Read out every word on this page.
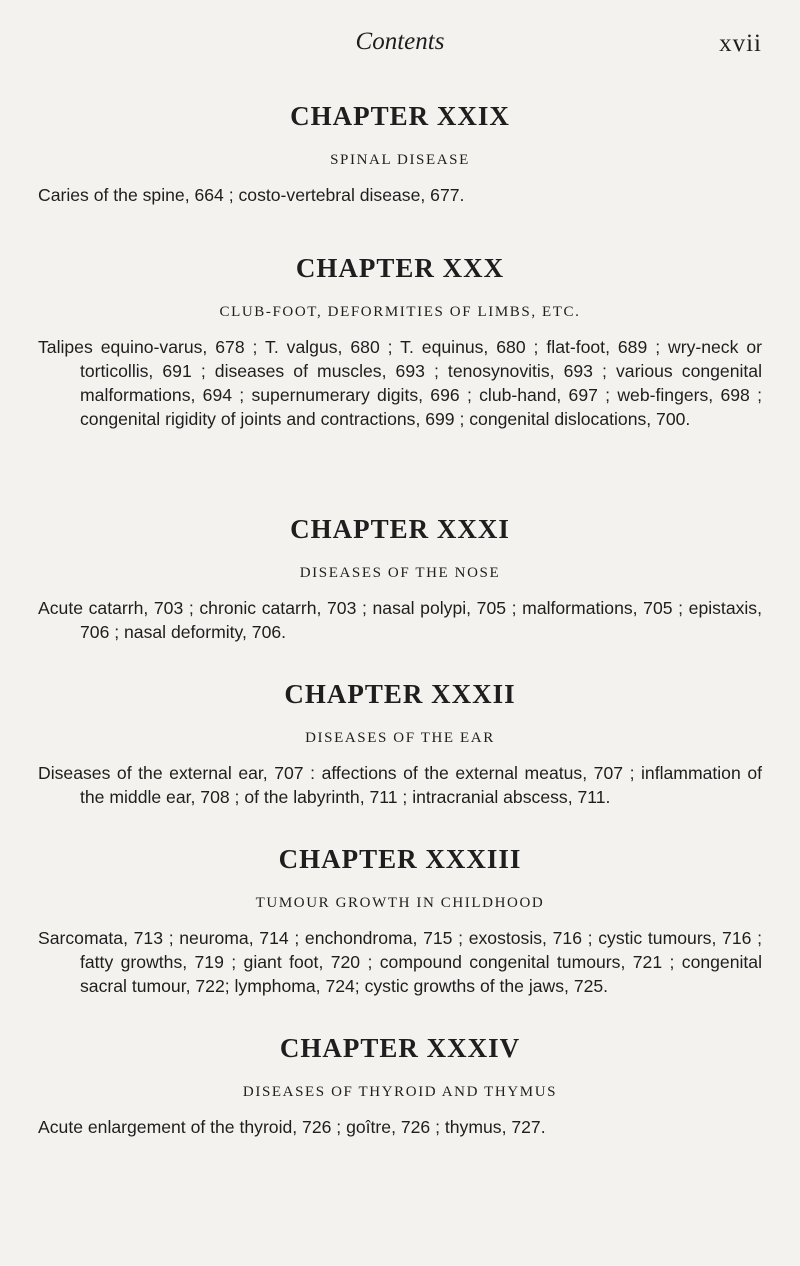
Contents	xvii
CHAPTER XXIX
SPINAL DISEASE

Caries of the spine, 664 ; costo-vertebral disease, 677.

CHAPTER XXX
CLUB-FOOT, DEFORMITIES OF LIMBS, ETC.

Talipes equino-varus, 678 ; T. valgus, 680 ; T. equinus, 680 ; flat-foot, 689 ; wry-neck or torticollis, 691 ; diseases of muscles, 693 ; tenosynovitis, 693 ; various congenital malformations, 694 ; supernumerary digits, 696 ; club-hand, 697 ; web-fingers, 698 ; congenital rigidity of joints and contractions, 699 ; congenital dislocations, 700.

CHAPTER XXXI
DISEASES OF THE NOSE

Acute catarrh, 703 ; chronic catarrh, 703 ; nasal polypi, 705 ; malformations, 705 ; epistaxis, 706 ; nasal deformity, 706.

CHAPTER XXXII
DISEASES OF THE EAR

Diseases of the external ear, 707 : affections of the external meatus, 707 ; inflammation of the middle ear, 708 ; of the labyrinth, 711 ; intracranial abscess, 711.

CHAPTER XXXIII
TUMOUR GROWTH IN CHILDHOOD

Sarcomata, 713 ; neuroma, 714 ; enchondroma, 715 ; exostosis, 716 ; cystic tumours, 716 ; fatty growths, 719 ; giant foot, 720 ; compound congenital tumours, 721 ; congenital sacral tumour, 722; lymphoma, 724; cystic growths of the jaws, 725.

CHAPTER XXXIV
DISEASES OF THYROID AND THYMUS

Acute enlargement of the thyroid, 726 ; goître, 726 ; thymus, 727.
